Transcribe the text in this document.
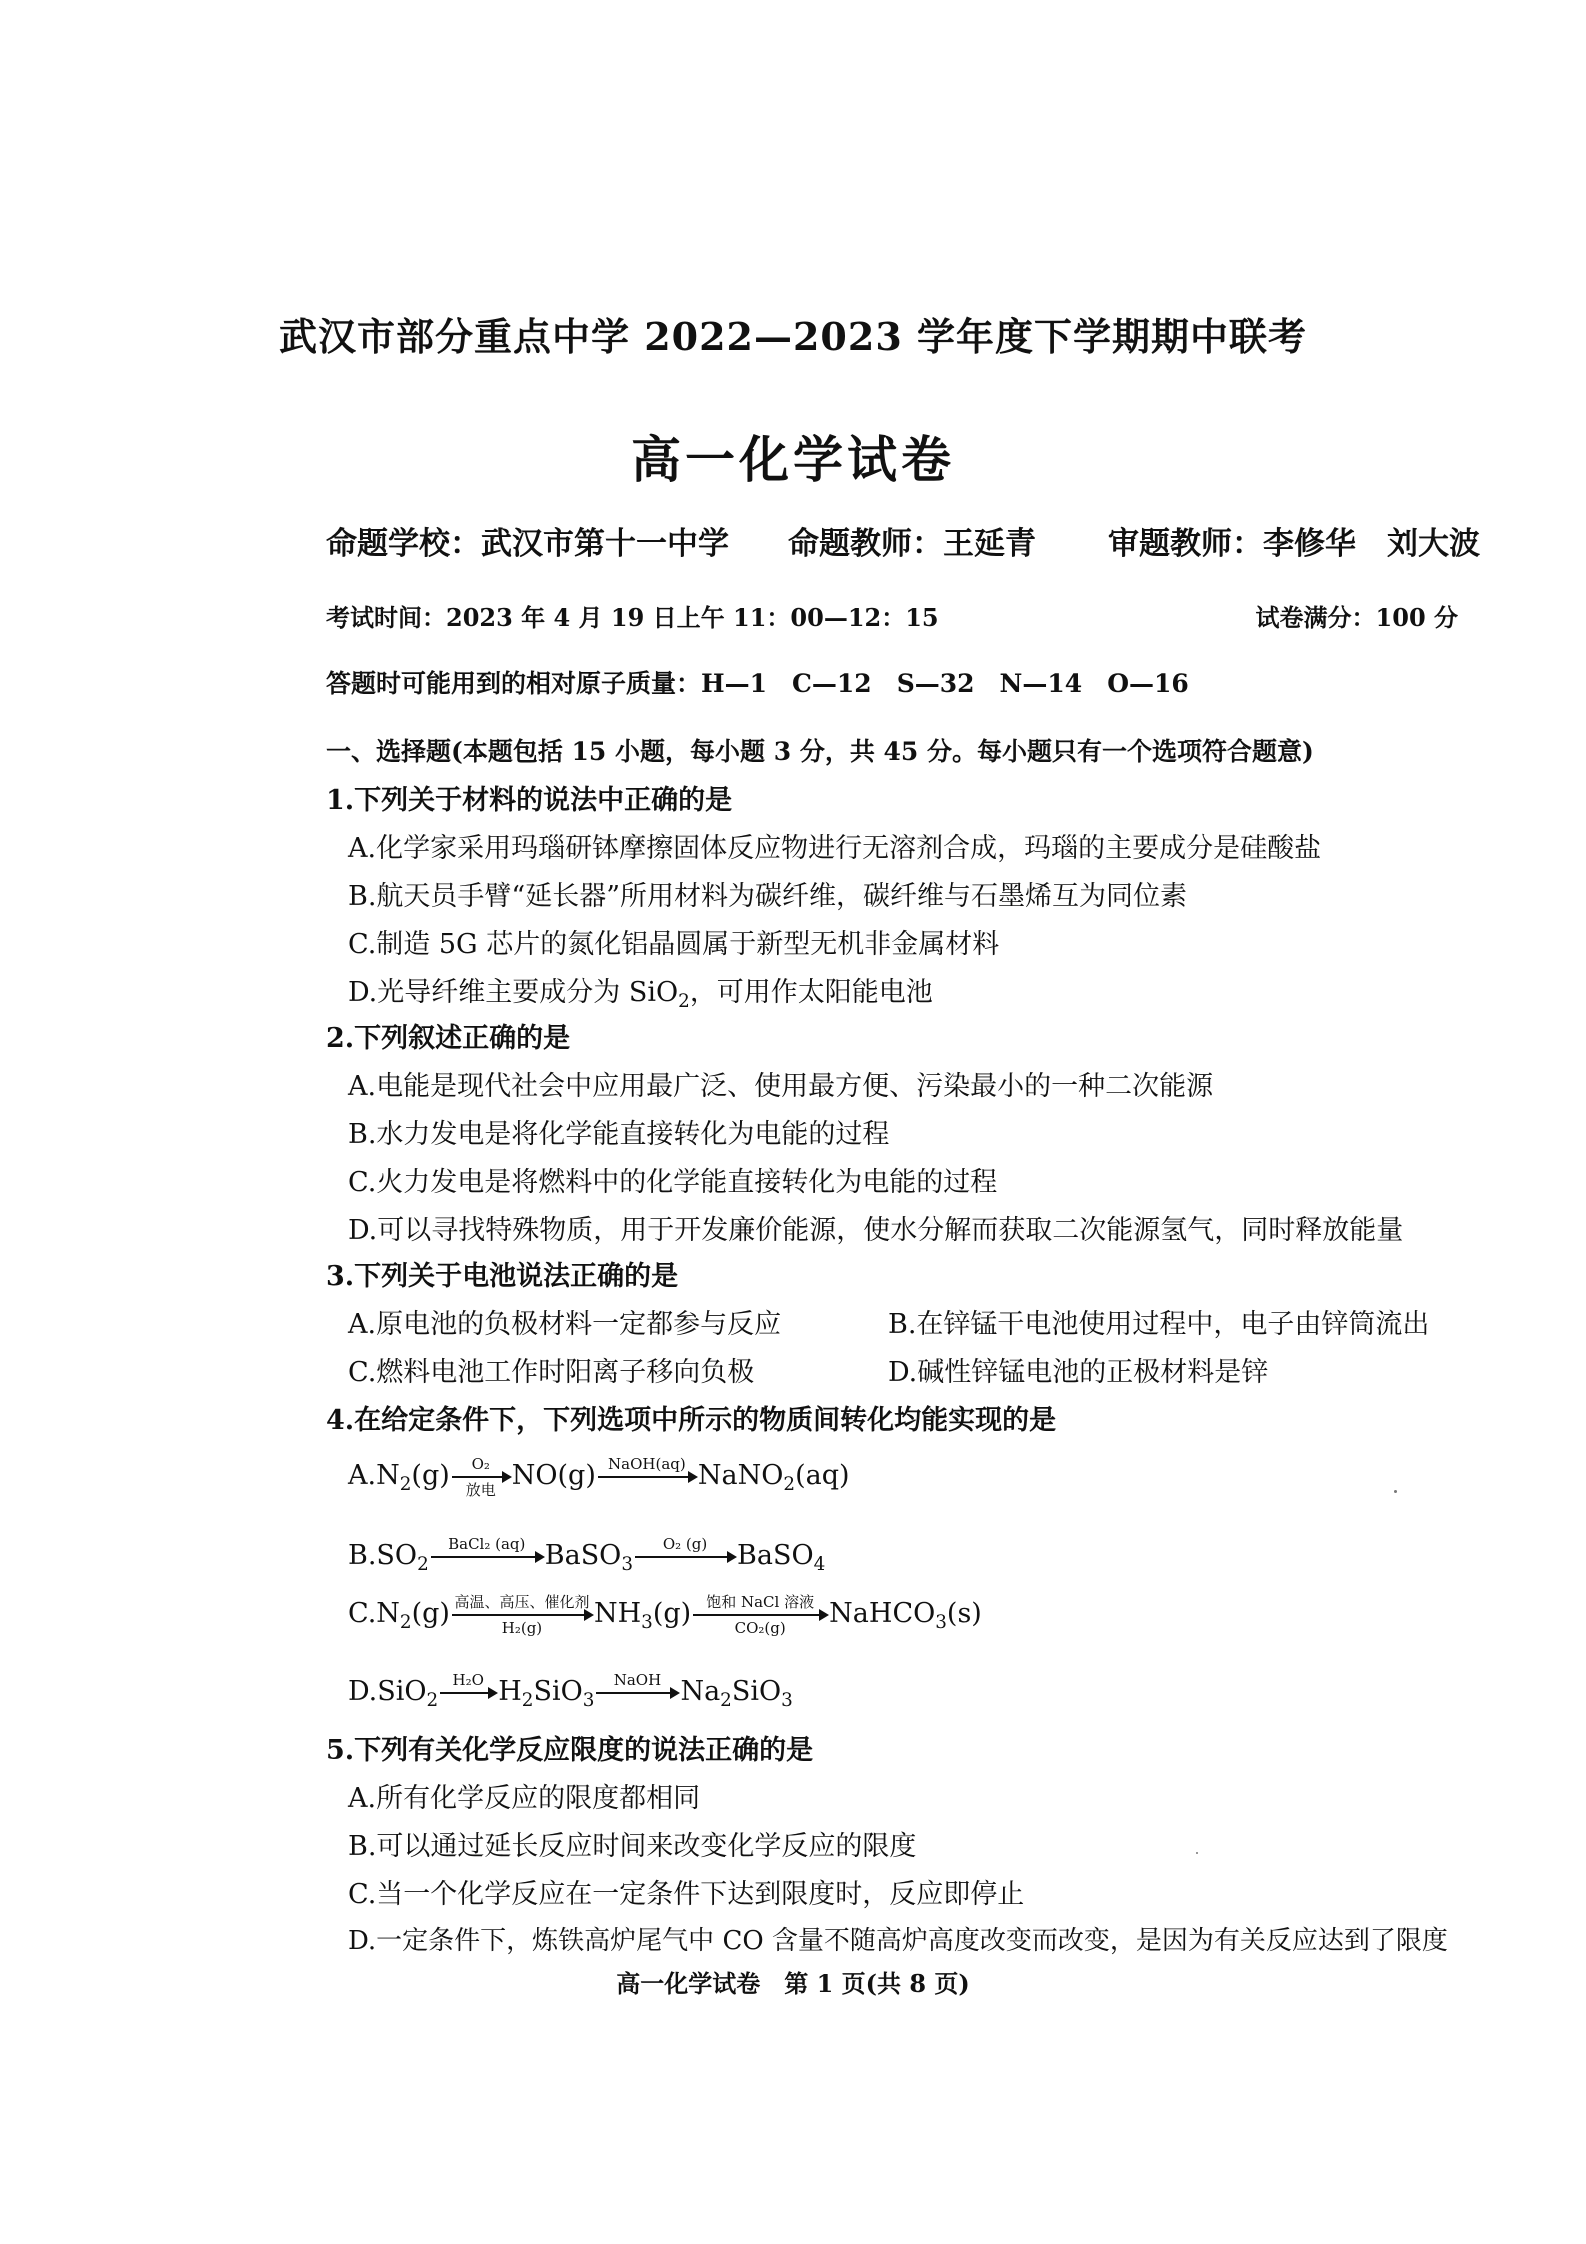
武汉市部分重点中学 2022—2023 学年度下学期期中联考
高一化学试卷
命题学校：武汉市第十一中学 命题教师：王延青 审题教师：李修华　刘大波
考试时间：2023 年 4 月 19 日上午 11：00—12：15	试卷满分：100 分
答题时可能用到的相对原子质量：H—1　C—12　S—32　N—14　O—16
一、选择题(本题包括 15 小题，每小题 3 分，共 45 分。每小题只有一个选项符合题意)
1.下列关于材料的说法中正确的是
A.化学家采用玛瑙研钵摩擦固体反应物进行无溶剂合成，玛瑙的主要成分是硅酸盐
B.航天员手臂“延长器”所用材料为碳纤维，碳纤维与石墨烯互为同位素
C.制造 5G 芯片的氮化铝晶圆属于新型无机非金属材料
D.光导纤维主要成分为 SiO$_2$，可用作太阳能电池
2.下列叙述正确的是
A.电能是现代社会中应用最广泛、使用最方便、污染最小的一种二次能源
B.水力发电是将化学能直接转化为电能的过程
C.火力发电是将燃料中的化学能直接转化为电能的过程
D.可以寻找特殊物质，用于开发廉价能源，使水分解而获取二次能源氢气，同时释放能量
3.下列关于电池说法正确的是
A.原电池的负极材料一定都参与反应	B.在锌锰干电池使用过程中，电子由锌筒流出
C.燃料电池工作时阳离子移向负极	D.碱性锌锰电池的正极材料是锌
4.在给定条件下，下列选项中所示的物质间转化均能实现的是
$A.N_2(g)$	O₂
放电 NO(g) NaOH(aq) NaNO$_2$(aq)
$B.SO_2$
BaCl₂ (aq) BaSO$_3$
O₂ (g)	BaSO$_4$
$C.N_2(g)$ 高温、高压、催化剂
H₂(g)	$NH_3(g)$	饱和 NaCl 溶液
CO₂(g)	NaHCO$_3$(s)
D.SiO$_2$
H₂O $H_2SiO_3$
NaOH $Na_2SiO_3$
5.下列有关化学反应限度的说法正确的是
A.所有化学反应的限度都相同
B.可以通过延长反应时间来改变化学反应的限度
C.当一个化学反应在一定条件下达到限度时，反应即停止
D.一定条件下，炼铁高炉尾气中 CO 含量不随高炉高度改变而改变，是因为有关反应达到了限度
高一化学试卷　第 1 页(共 8 页)
